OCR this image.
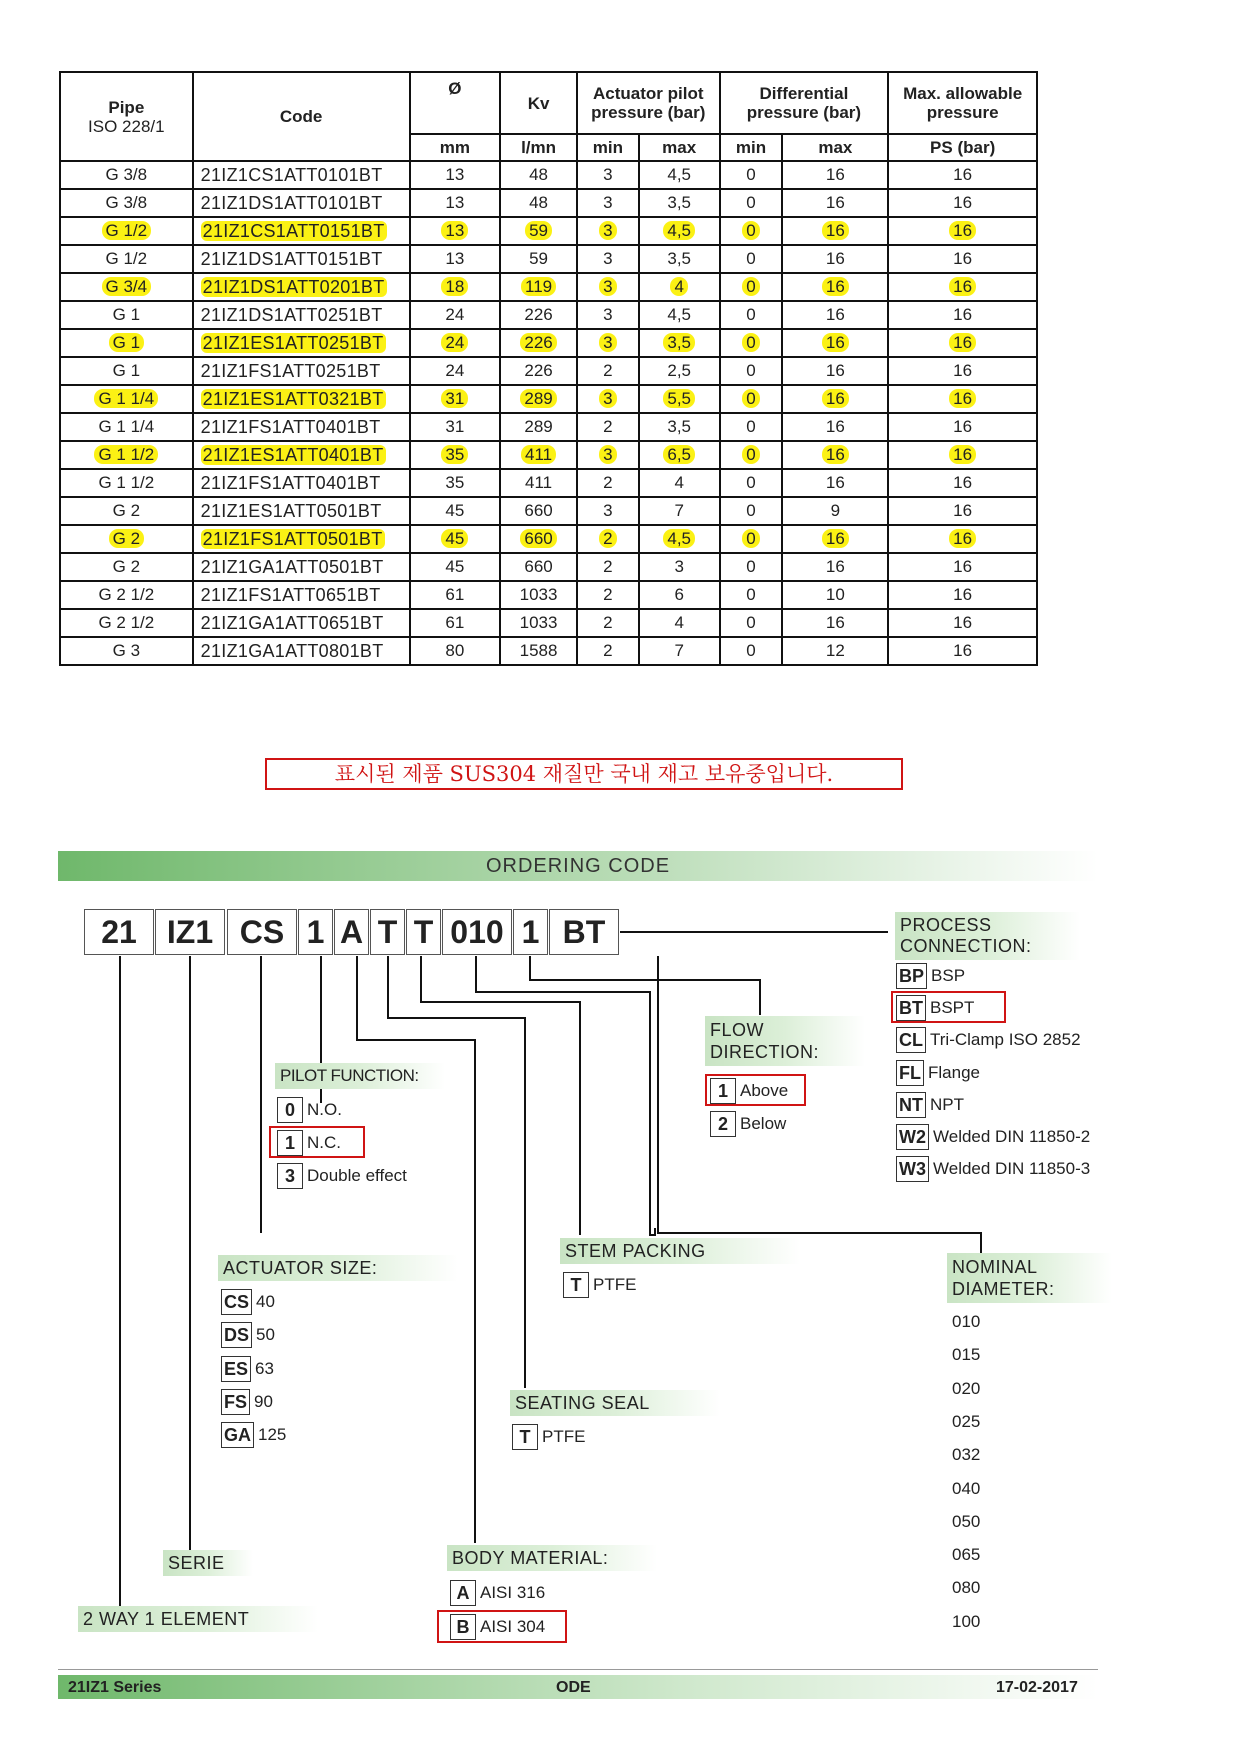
Pipe
ISO 228/1	Code	Ø	Kv	Actuator pilot pressure (bar)		Differential pressure (bar)		Max. allowable pressure
		mm	l/mn	min	max	min	max	PS (bar)
G 3/8	21IZ1CS1ATT0101BT	13	48	3	4,5	0	16	16
G 3/8	21IZ1DS1ATT0101BT	13	48	3	3,5	0	16	16
G 1/2	21IZ1CS1ATT0151BT	13	59	3	4,5	0	16	16
G 1/2	21IZ1DS1ATT0151BT	13	59	3	3,5	0	16	16
G 3/4	21IZ1DS1ATT0201BT	18	119	3	4	0	16	16
G 1	21IZ1DS1ATT0251BT	24	226	3	4,5	0	16	16
G 1	21IZ1ES1ATT0251BT	24	226	3	3,5	0	16	16
G 1	21IZ1FS1ATT0251BT	24	226	2	2,5	0	16	16
G 1 1/4	21IZ1ES1ATT0321BT	31	289	3	5,5	0	16	16
G 1 1/4	21IZ1FS1ATT0401BT	31	289	2	3,5	0	16	16
G 1 1/2	21IZ1ES1ATT0401BT	35	411	3	6,5	0	16	16
G 1 1/2	21IZ1FS1ATT0401BT	35	411	2	4	0	16	16
G 2	21IZ1ES1ATT0501BT	45	660	3	7	0	9	16
G 2	21IZ1FS1ATT0501BT	45	660	2	4,5	0	16	16
G 2	21IZ1GA1ATT0501BT	45	660	2	3	0	16	16
G 2 1/2	21IZ1FS1ATT0651BT	61	1033	2	6	0	10	16
G 2 1/2	21IZ1GA1ATT0651BT	61	1033	2	4	0	16	16
G 3	21IZ1GA1ATT0801BT	80	1588	2	7	0	12	16
표시된 제품 SUS304 재질만 국내 재고 보유중입니다.
ORDERING CODE
21 IZ1 CS 1 A T T 010 1 BT	PROCESS
CONNECTION:
BP BSP
BT BSPT
CL Tri-Clamp ISO 2852
FL Flange
NT NPT
W2 Welded DIN 11850-2
W3 Welded DIN 11850-3
FLOW
DIRECTION:
1 Above
2 Below
PILOT FUNCTION:
0 N.O.
1 N.C.
3 Double effect
STEM PACKING
T PTFE
NOMINAL
DIAMETER:
010
015
020
025
032
040
050
065
080
100
ACTUATOR SIZE:
CS 40
DS 50
ES 63
FS 90
GA 125
SEATING SEAL
T PTFE
BODY MATERIAL:
A AISI 316
B AISI 304
SERIE
2 WAY 1 ELEMENT
21IZ1 Series	ODE	17-02-2017
